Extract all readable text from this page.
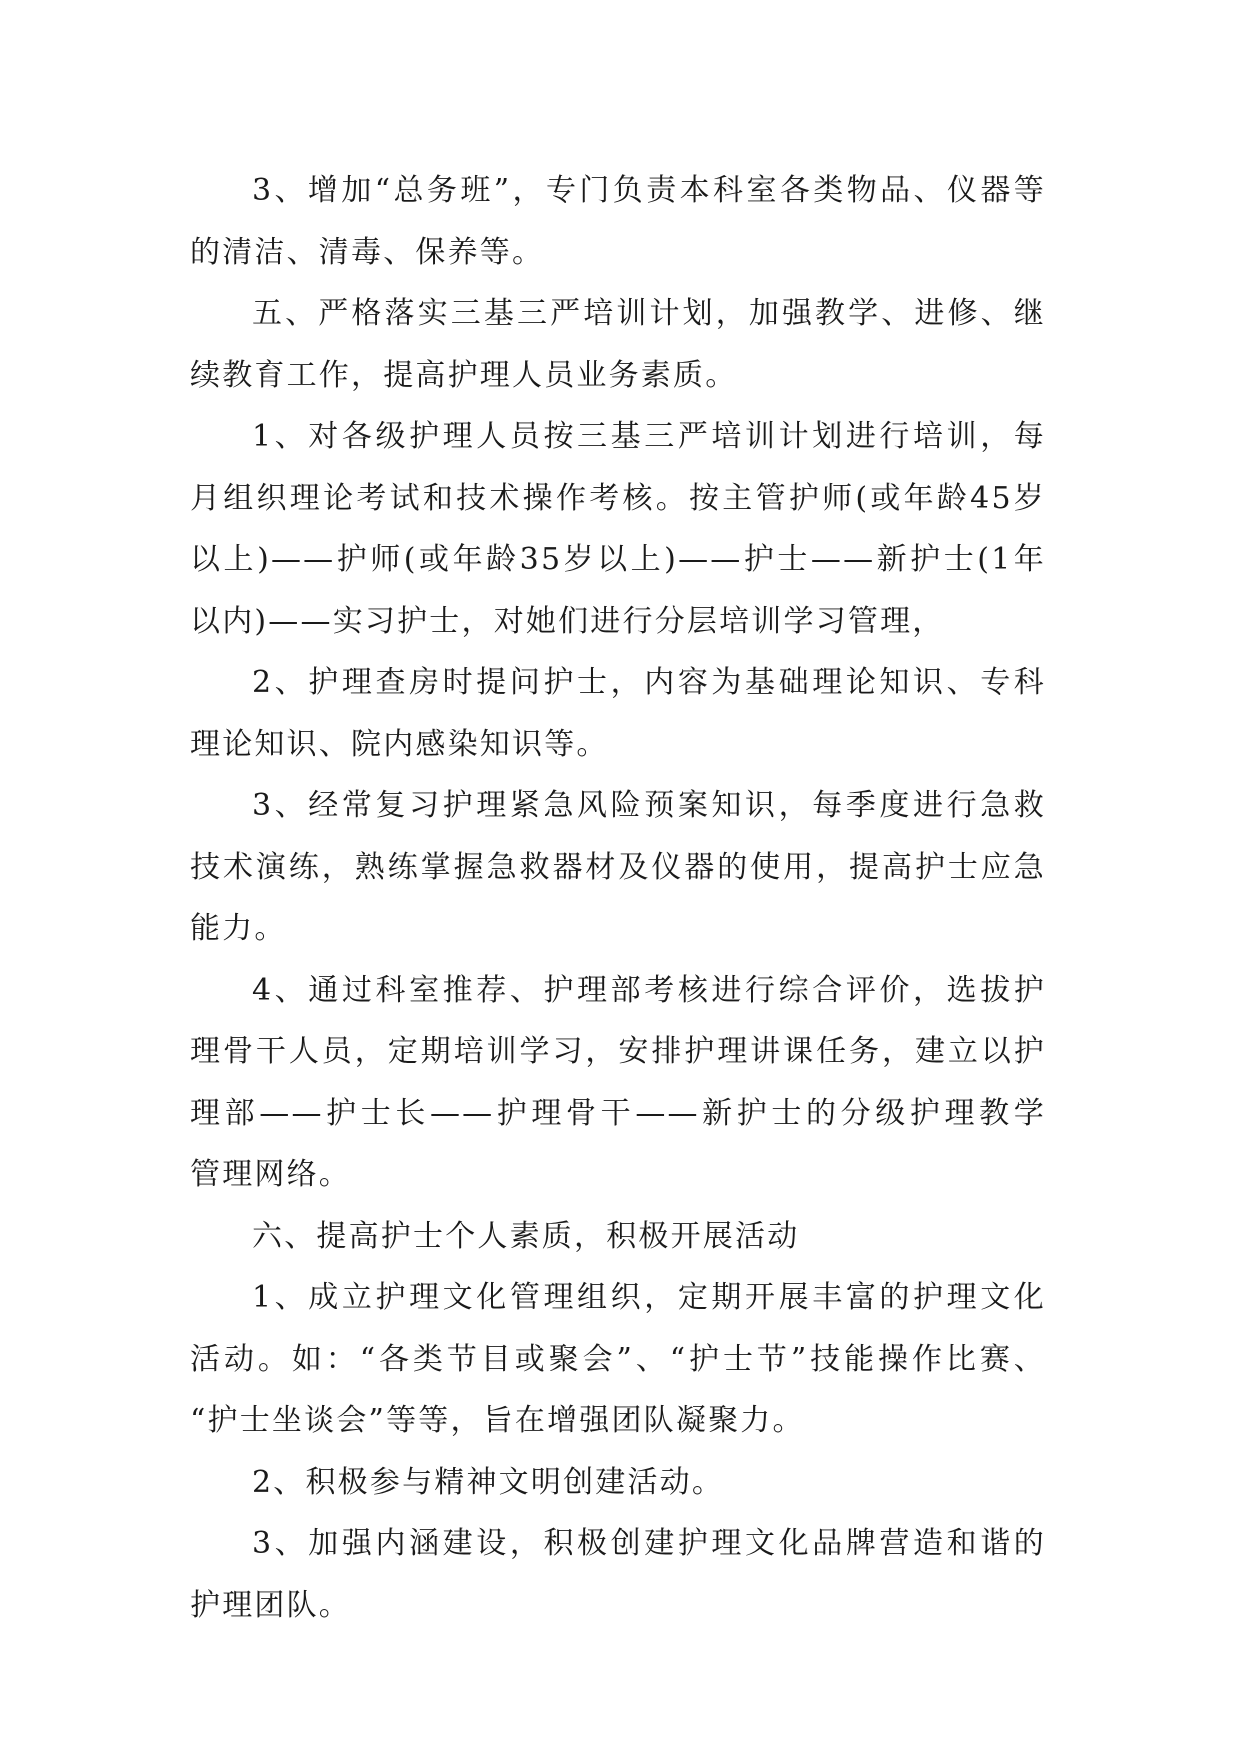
3、增加“总务班”，专门负责本科室各类物品、仪器等
的清洁、清毒、保养等。
五、严格落实三基三严培训计划，加强教学、进修、继
续教育工作，提高护理人员业务素质。
1、对各级护理人员按三基三严培训计划进行培训，每
月组织理论考试和技术操作考核。按主管护师(或年龄45岁
以上)——护师(或年龄35岁以上)——护士——新护士(1年
以内)——实习护士，对她们进行分层培训学习管理，
2、护理查房时提问护士，内容为基础理论知识、专科
理论知识、院内感染知识等。
3、经常复习护理紧急风险预案知识，每季度进行急救
技术演练，熟练掌握急救器材及仪器的使用，提高护士应急
能力。
4、通过科室推荐、护理部考核进行综合评价，选拔护
理骨干人员，定期培训学习，安排护理讲课任务，建立以护
理部——护士长——护理骨干——新护士的分级护理教学
管理网络。
六、提高护士个人素质，积极开展活动
1、成立护理文化管理组织，定期开展丰富的护理文化
活动。如：“各类节目或聚会”、“护士节”技能操作比赛、
“护士坐谈会”等等，旨在增强团队凝聚力。
2、积极参与精神文明创建活动。
3、加强内涵建设，积极创建护理文化品牌营造和谐的
护理团队。
